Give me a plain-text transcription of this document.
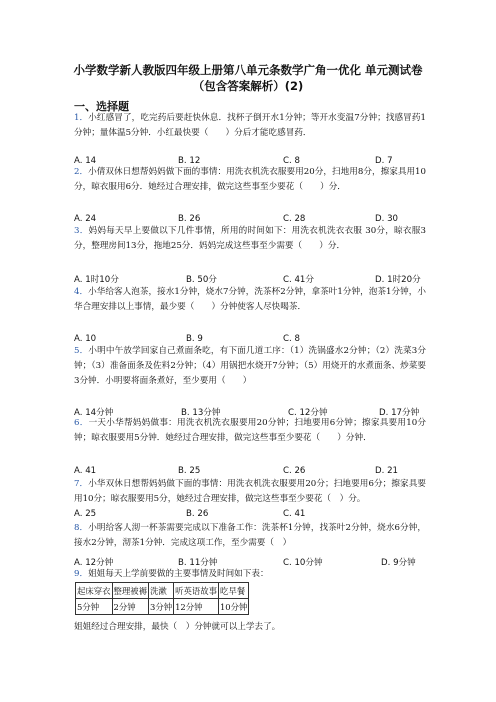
小学数学新人教版四年级上册第八单元条数学广角一优化 单元测试卷（包含答案解析）(2)
一、选择题
1．小红感冒了，吃完药后要赶快休息．找杯子倒开水1分钟；等开水变温7分钟；找感冒药1分钟；量体温5分钟．小红最快要（　　）分后才能吃感冒药．
A. 14	B. 12	C. 8	D. 7
2．小倩双休日想帮妈妈做下面的事情：用洗衣机洗衣服要用20分，扫地用8分，擦家具用10分，晾衣服用6分．她经过合理安排，做完这些事至少要花（　　）分．
A. 24	B. 26	C. 28	D. 30
3．妈妈每天早上要做以下几件事情，所用的时间如下：用洗衣机洗衣衣服 30分，晾衣服3分，整理房间13分，拖地25分．妈妈完成这些事至少需要（　　）分．
A. 1时10分	B. 50分	C. 41分	D. 1时20分
4．小华给客人泡茶，接水1分钟，烧水7分钟，洗茶杯2分钟，拿茶叶1分钟，泡茶1分钟，小华合理安排以上事情，最少要（　　）分钟使客人尽快喝茶．
A. 10	B. 9	C. 8
5．小明中午放学回家自己煮面条吃，有下面几道工序：（1）洗锅盛水2分钟；（2）洗菜3分钟；（3）准备面条及佐料2分钟；（4）用锅把水烧开7分钟；（5）用烧开的水煮面条、炒菜要3分钟．小明要将面条煮好，至少要用（　　）
A. 14分钟	B. 13分钟	C. 12分钟	D. 17分钟
6．一天小华帮妈妈做事：用洗衣机洗衣服要用20分钟；扫地要用6分钟；擦家具要用10分钟；晾衣服要用5分钟．她经过合理安排，做完这些事至少要花（　　）分钟．
A. 41	B. 25	C. 26	D. 21
7．小华双休日想帮妈妈做下面的事情：用洗衣机洗衣服要用20分；扫地要用6分；擦家具要用10分；晾衣服要用5分，她经过合理安排，做完这些事至少要花（　）分。
A. 25	B. 26	C. 41
8．小明给客人沏一杯茶需要完成以下准备工作：洗茶杯1分钟，找茶叶2分钟，烧水6分钟，接水2分钟，沏茶1分钟．完成这项工作，至少需要（　）
A. 12分钟	B. 11分钟	C. 10分钟	D. 9分钟
9．姐姐每天上学前要做的主要事情及时间如下表：
起床穿衣	整理被褥	洗漱	听英语故事	吃早餐
5分钟	2分钟	3分钟	12分钟	10分钟
姐姐经过合理安排，最快（　）分钟就可以上学去了。
